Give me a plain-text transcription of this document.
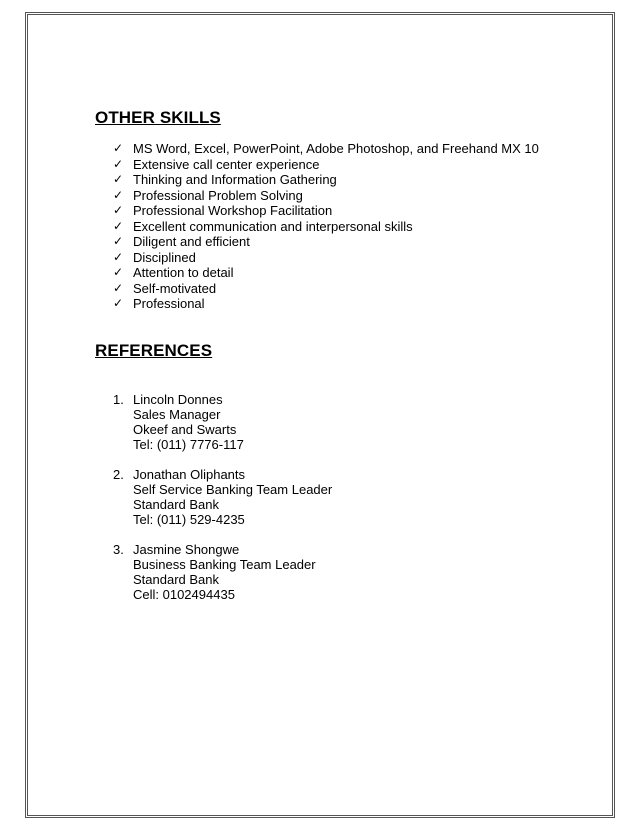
OTHER SKILLS
✓ MS Word, Excel, PowerPoint, Adobe Photoshop, and Freehand MX 10
✓ Extensive call center experience
✓ Thinking and Information Gathering
✓ Professional Problem Solving
✓ Professional Workshop Facilitation
✓ Excellent communication and interpersonal skills
✓ Diligent and efficient
✓ Disciplined
✓ Attention to detail
✓ Self-motivated
✓ Professional
REFERENCES
1. Lincoln Donnes
Sales Manager
Okeef and Swarts
Tel: (011) 7776-117
2. Jonathan Oliphants
Self Service Banking Team Leader
Standard Bank
Tel: (011) 529-4235
3. Jasmine Shongwe
Business Banking Team Leader
Standard Bank
Cell: 0102494435
